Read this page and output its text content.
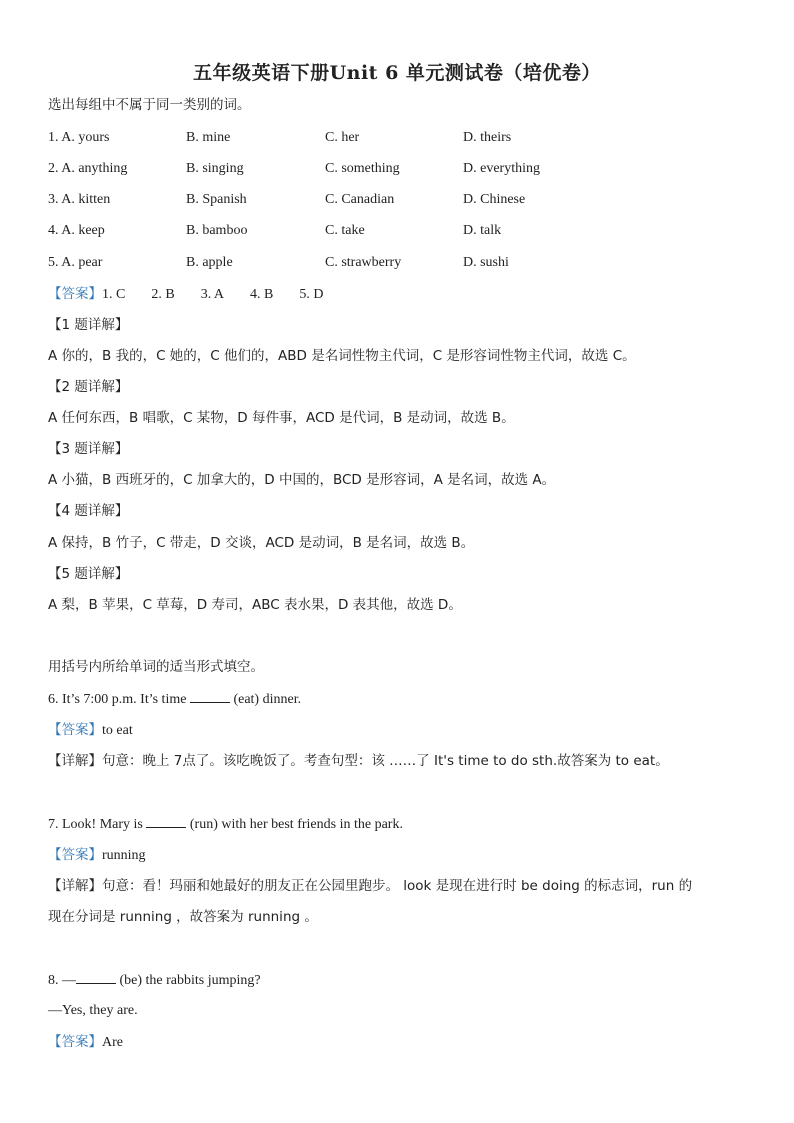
五年级英语下册Unit 6 单元测试卷（培优卷）
选出每组中不属于同一类别的词。
1. A. yours	B. mine	C. her	D. theirs
2. A. anything	B. singing	C. something	D. everything
3. A. kitten	B. Spanish	C. Canadian	D. Chinese
4. A. keep	B. bamboo	C. take	D. talk
5. A. pear	B. apple	C. strawberry	D. sushi
【答案】1. C 2. B 3. A 4. B 5. D
【1 题详解】
A 你的，B 我的，C 她的，C 他们的，ABD 是名词性物主代词，C 是形容词性物主代词，故选 C。
【2 题详解】
A 任何东西，B 唱歌，C 某物，D 每件事，ACD 是代词，B 是动词，故选 B。
【3 题详解】
A 小猫，B 西班牙的，C 加拿大的，D 中国的，BCD 是形容词，A 是名词，故选 A。
【4 题详解】
A 保持，B 竹子，C 带走，D 交谈，ACD 是动词，B 是名词，故选 B。
【5 题详解】
A 梨，B 苹果，C 草莓，D 寿司，ABC 表水果，D 表其他，故选 D。
用括号内所给单词的适当形式填空。
6. It’s 7:00 p.m. It’s time	(eat) dinner.
【答案】to eat
【详解】句意：晚上 7点了。该吃晚饭了。考查句型：该 ……了 It's time to do sth.故答案为 to eat。
7. Look! Mary is	(run) with her best friends in the park.
【答案】running
【详解】句意：看！玛丽和她最好的朋友正在公园里跑步。 look 是现在进行时 be doing 的标志词，run 的
现在分词是 running ，故答案为 running 。
8. —	(be) the rabbits jumping?
—Yes, they are.
【答案】Are
